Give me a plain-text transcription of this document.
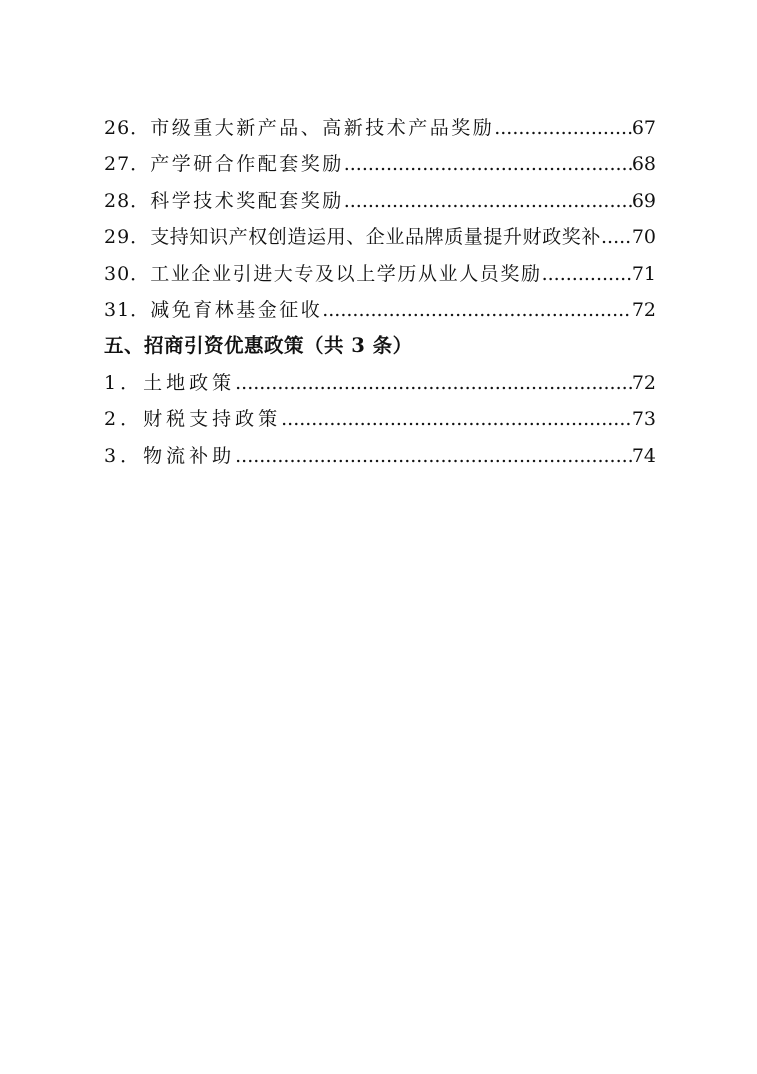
26． 市级重大新产品、高新技术产品奖励 .....	67
27． 产学研合作配套奖励 .....	68
28． 科学技术奖配套奖励 .....	69
29． 支持知识产权创造运用、企业品牌质量提升财政奖补 ..... 70
30． 工业企业引进大专及以上学历从业人员奖励 .....	71
31． 减免育林基金征收 .....	72
五、招商引资优惠政策（共 3 条）
1． 土地政策 .....	72
2． 财税支持政策 .....	73
3． 物流补助 .....	74
